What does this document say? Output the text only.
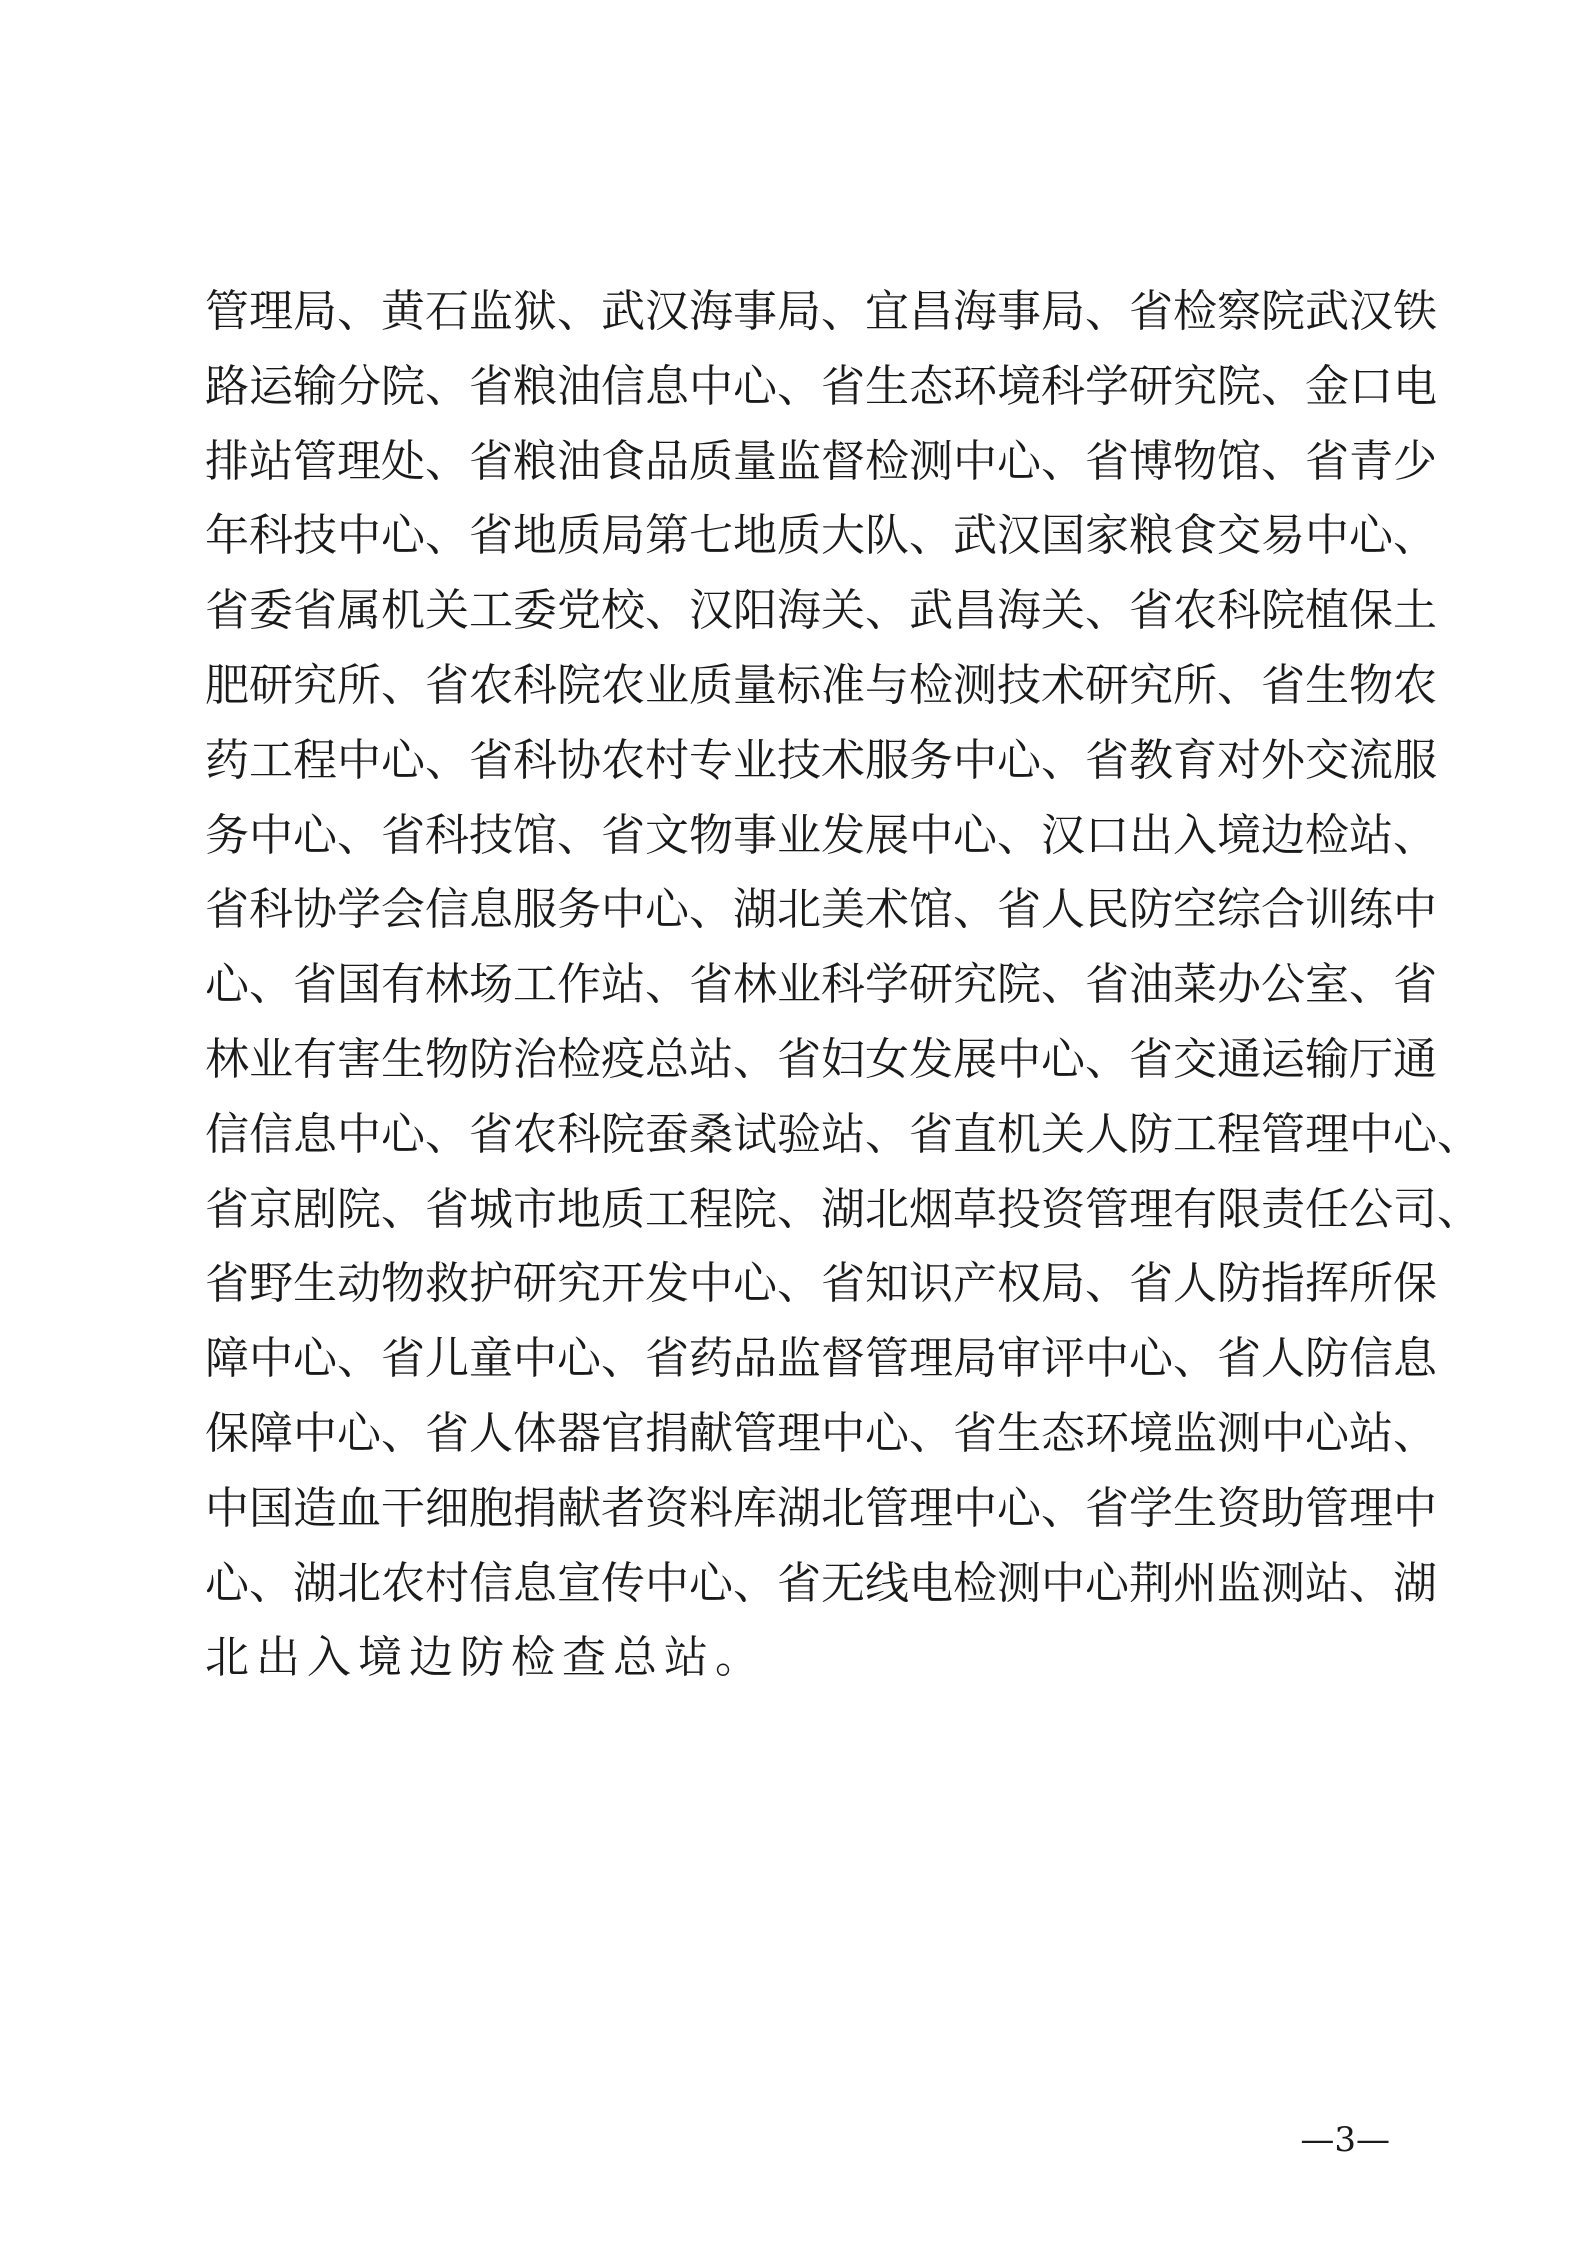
管理局、黄石监狱、武汉海事局、宜昌海事局、省检察院武汉铁
路运输分院、省粮油信息中心、省生态环境科学研究院、金口电
排站管理处、省粮油食品质量监督检测中心、省博物馆、省青少
年科技中心、省地质局第七地质大队、武汉国家粮食交易中心、
省委省属机关工委党校、汉阳海关、武昌海关、省农科院植保土
肥研究所、省农科院农业质量标准与检测技术研究所、省生物农
药工程中心、省科协农村专业技术服务中心、省教育对外交流服
务中心、省科技馆、省文物事业发展中心、汉口出入境边检站、
省科协学会信息服务中心、湖北美术馆、省人民防空综合训练中
心、省国有林场工作站、省林业科学研究院、省油菜办公室、省
林业有害生物防治检疫总站、省妇女发展中心、省交通运输厅通
信信息中心、省农科院蚕桑试验站、省直机关人防工程管理中心、
省京剧院、省城市地质工程院、湖北烟草投资管理有限责任公司、
省野生动物救护研究开发中心、省知识产权局、省人防指挥所保
障中心、省儿童中心、省药品监督管理局审评中心、省人防信息
保障中心、省人体器官捐献管理中心、省生态环境监测中心站、
中国造血干细胞捐献者资料库湖北管理中心、省学生资助管理中
心、湖北农村信息宣传中心、省无线电检测中心荆州监测站、湖
北出入境边防检查总站。
—3—
